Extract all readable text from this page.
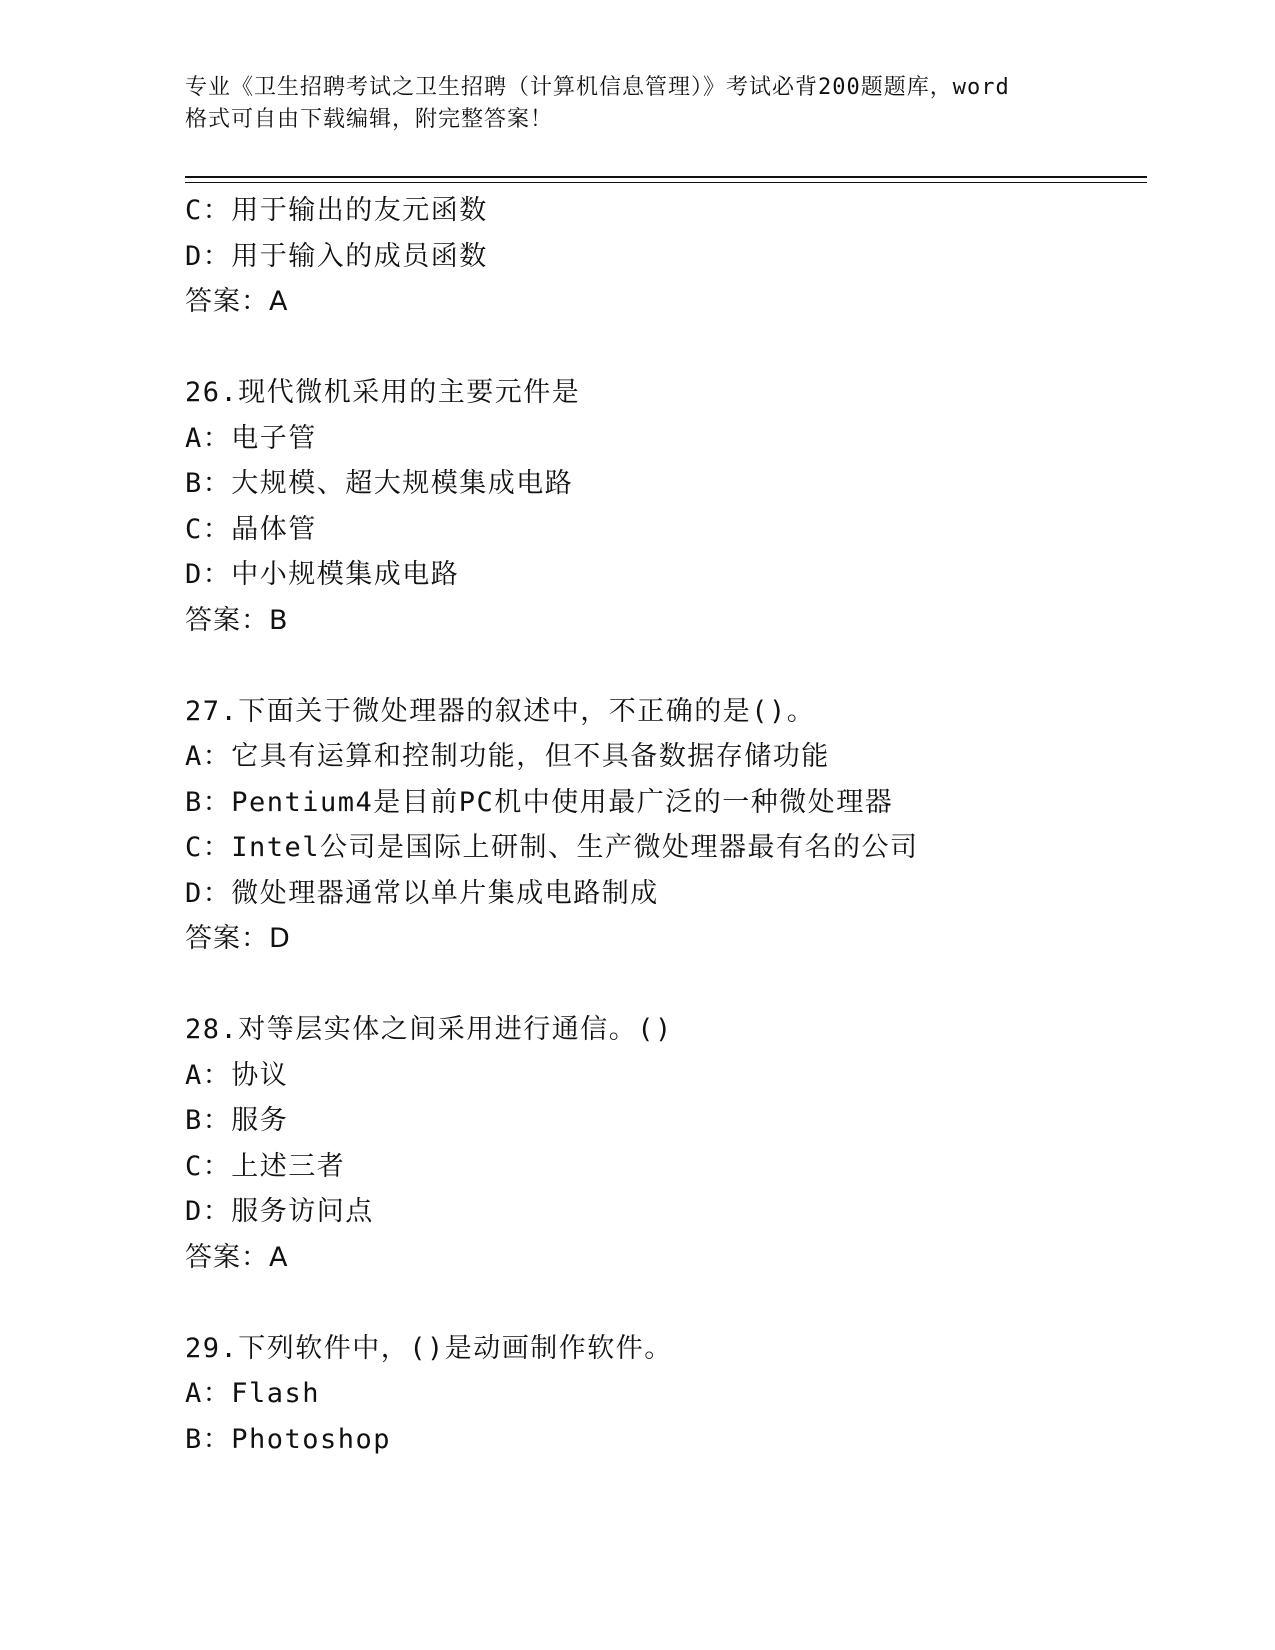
专业《卫生招聘考试之卫生招聘（计算机信息管理）》考试必背200题题库，word
格式可自由下载编辑，附完整答案！
C：用于输出的友元函数
D：用于输入的成员函数
答案：A
26.现代微机采用的主要元件是
A：电子管
B：大规模、超大规模集成电路
C：晶体管
D：中小规模集成电路
答案：B
27.下面关于微处理器的叙述中，不正确的是()。
A：它具有运算和控制功能，但不具备数据存储功能
B：Pentium4是目前PC机中使用最广泛的一种微处理器
C：Intel公司是国际上研制、生产微处理器最有名的公司
D：微处理器通常以单片集成电路制成
答案：D
28.对等层实体之间采用进行通信。()
A：协议
B：服务
C：上述三者
D：服务访问点
答案：A
29.下列软件中，()是动画制作软件。
A：Flash
B：Photoshop
